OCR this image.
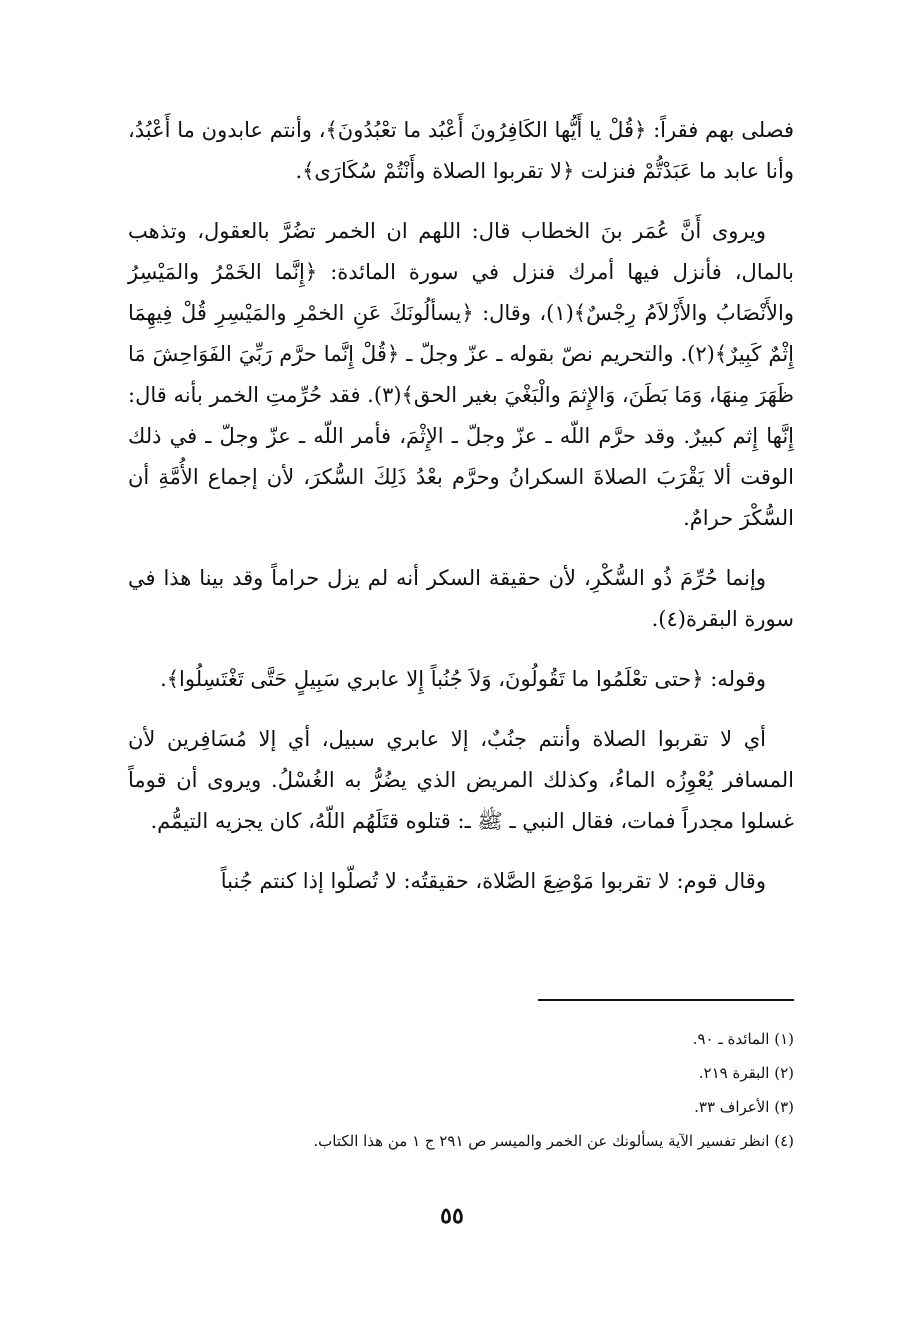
فصلى بهم فقراً: ﴿قُلْ يا أَيُّها الكَافِرُونَ أَعْبُد ما تعْبُدُونَ﴾، وأنتم عابدون ما أَعْبُدُ، وأنا عابد ما عَبَدْتُّمْ فنزلت ﴿لا تقربوا الصلاة وأَنْتُمْ سُكَارَى﴾.

ويروى أَنَّ عُمَر بنَ الخطاب قال: اللهم ان الخمر تضُرَّ بالعقول، وتذهب بالمال، فأنزل فيها أمرك فنزل في سورة المائدة: ﴿إِنَّما الخَمْرُ والمَيْسِرُ والأَنْصَابُ والأَزْلاَمُ رِجْسٌ﴾(١)، وقال: ﴿يسألُونَكَ عَنِ الخمْرِ والمَيْسِرِ قُلْ فِيهِمَا إِثْمٌ كَبِيرٌ﴾(٢). والتحريم نصّ بقوله ـ عزّ وجلّ ـ ﴿قُلْ إِنَّما حرَّم رَبِّيَ الفَوَاحِشَ مَا ظَهَرَ مِنهَا، وَمَا بَطَنَ، وَالإِثمَ والْبَغْيَ بغير الحق﴾(٣). فقد حُرِّمتِ الخمر بأنه قال: إِنَّها إِثم كبيرٌ. وقد حرَّم اللّه ـ عزّ وجلّ ـ الإِثْمَ، فأمر اللّه ـ عزّ وجلّ ـ في ذلك الوقت ألا يَقْرَبَ الصلاةَ السكرانُ وحرَّم بعْدُ ذَلِكَ السُّكرَ، لأن إجماع الأُمَّةِ أن السُّكْرَ حرامٌ.

وإنما حُرِّمَ ذُو السُّكْرِ، لأن حقيقة السكر أنه لم يزل حراماً وقد بينا هذا في سورة البقرة(٤).

وقوله: ﴿حتى تعْلَمُوا ما تَقُولُونَ، وَلاَ جُنُباً إِلا عابري سَبِيلٍ حَتَّى تَغْتَسِلُوا﴾.

أي لا تقربوا الصلاة وأنتم جنُبٌ، إلا عابري سبيل، أي إلا مُسَافِرين لأن المسافر يُعْوِزُه الماءُ، وكذلك المريض الذي يضُرُّ به الغُسْلُ. ويروى أن قوماً غسلوا مجدراً فمات، فقال النبي ـ ﷺ ـ: قتلوه قتَلَهُم اللّهُ، كان يجزيه التيمُّم.

وقال قوم: لا تقربوا مَوْضِعَ الصَّلاة، حقيقتُه: لا تُصلّوا إذا كنتم جُنباً

(١) المائدة ـ ٩٠.
(٢) البقرة ٢١٩.
(٣) الأعراف ٣٣.
(٤) انظر تفسير الآية يسألونك عن الخمر والميسر ص ٢٩١ ج ١ من هذا الكتاب.
٥٥
